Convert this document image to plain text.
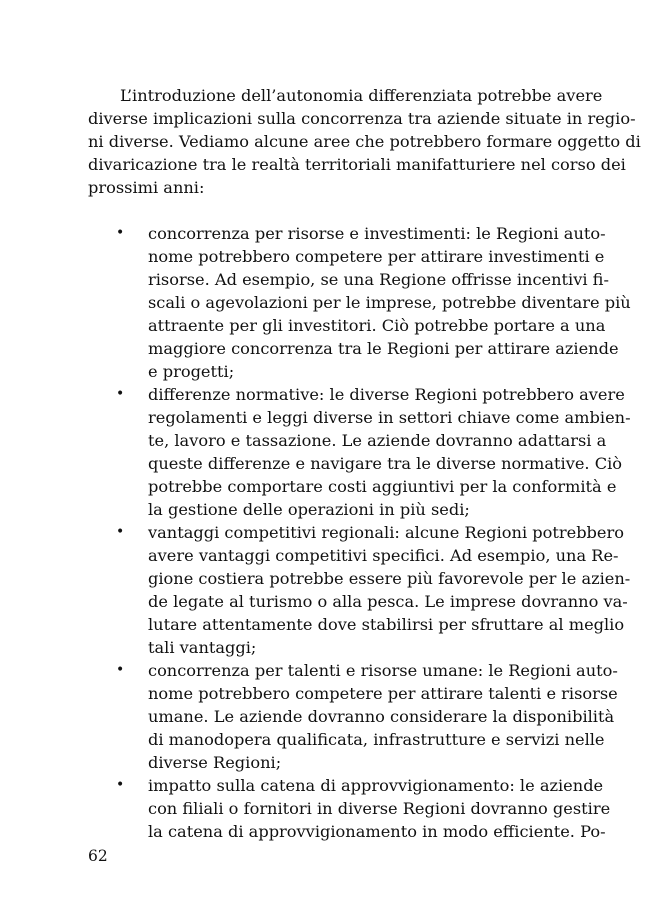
L’introduzione dell’autonomia differenziata potrebbe avere
diverse implicazioni sulla concorrenza tra aziende situate in regio-
ni diverse. Vediamo alcune aree che potrebbero formare oggetto di
divaricazione tra le realtà territoriali manifatturiere nel corso dei
prossimi anni:

• concorrenza per risorse e investimenti: le Regioni auto-
nome potrebbero competere per attirare investimenti e
risorse. Ad esempio, se una Regione offrisse incentivi fi-
scali o agevolazioni per le imprese, potrebbe diventare più
attraente per gli investitori. Ciò potrebbe portare a una
maggiore concorrenza tra le Regioni per attirare aziende
e progetti;
• differenze normative: le diverse Regioni potrebbero avere
regolamenti e leggi diverse in settori chiave come ambien-
te, lavoro e tassazione. Le aziende dovranno adattarsi a
queste differenze e navigare tra le diverse normative. Ciò
potrebbe comportare costi aggiuntivi per la conformità e
la gestione delle operazioni in più sedi;
• vantaggi competitivi regionali: alcune Regioni potrebbero
avere vantaggi competitivi specifici. Ad esempio, una Re-
gione costiera potrebbe essere più favorevole per le azien-
de legate al turismo o alla pesca. Le imprese dovranno va-
lutare attentamente dove stabilirsi per sfruttare al meglio
tali vantaggi;
• concorrenza per talenti e risorse umane: le Regioni auto-
nome potrebbero competere per attirare talenti e risorse
umane. Le aziende dovranno considerare la disponibilità
di manodopera qualificata, infrastrutture e servizi nelle
diverse Regioni;
• impatto sulla catena di approvvigionamento: le aziende
con filiali o fornitori in diverse Regioni dovranno gestire
la catena di approvvigionamento in modo efficiente. Po-
62
